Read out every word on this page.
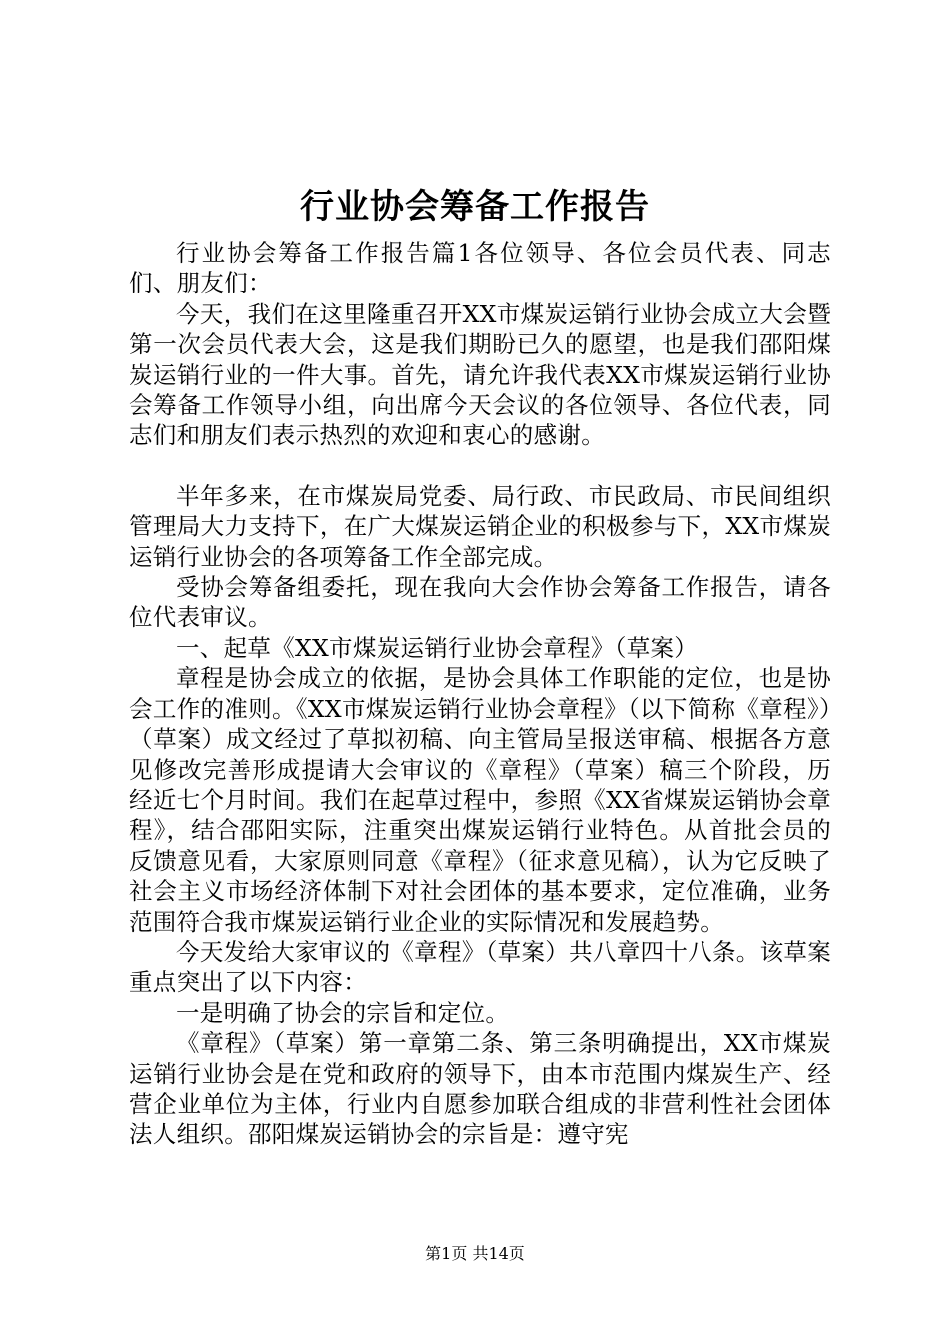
行业协会筹备工作报告

行业协会筹备工作报告篇1各位领导、各位会员代表、同志们、朋友们：

今天，我们在这里隆重召开XX市煤炭运销行业协会成立大会暨第一次会员代表大会，这是我们期盼已久的愿望，也是我们邵阳煤炭运销行业的一件大事。首先，请允许我代表XX市煤炭运销行业协会筹备工作领导小组，向出席今天会议的各位领导、各位代表，同志们和朋友们表示热烈的欢迎和衷心的感谢。

半年多来，在市煤炭局党委、局行政、市民政局、市民间组织管理局大力支持下，在广大煤炭运销企业的积极参与下，XX市煤炭运销行业协会的各项筹备工作全部完成。

受协会筹备组委托，现在我向大会作协会筹备工作报告，请各位代表审议。

一、起草《XX市煤炭运销行业协会章程》（草案）

章程是协会成立的依据，是协会具体工作职能的定位，也是协会工作的准则。《XX市煤炭运销行业协会章程》（以下简称《章程》）（草案）成文经过了草拟初稿、向主管局呈报送审稿、根据各方意见修改完善形成提请大会审议的《章程》（草案）稿三个阶段，历经近七个月时间。我们在起草过程中，参照《XX省煤炭运销协会章程》，结合邵阳实际，注重突出煤炭运销行业特色。从首批会员的反馈意见看，大家原则同意《章程》（征求意见稿），认为它反映了社会主义市场经济体制下对社会团体的基本要求，定位准确，业务范围符合我市煤炭运销行业企业的实际情况和发展趋势。

今天发给大家审议的《章程》（草案）共八章四十八条。该草案重点突出了以下内容：

一是明确了协会的宗旨和定位。

《章程》（草案）第一章第二条、第三条明确提出，XX市煤炭运销行业协会是在党和政府的领导下，由本市范围内煤炭生产、经营企业单位为主体，行业内自愿参加联合组成的非营利性社会团体法人组织。邵阳煤炭运销协会的宗旨是：遵守宪

第1页 共14页
